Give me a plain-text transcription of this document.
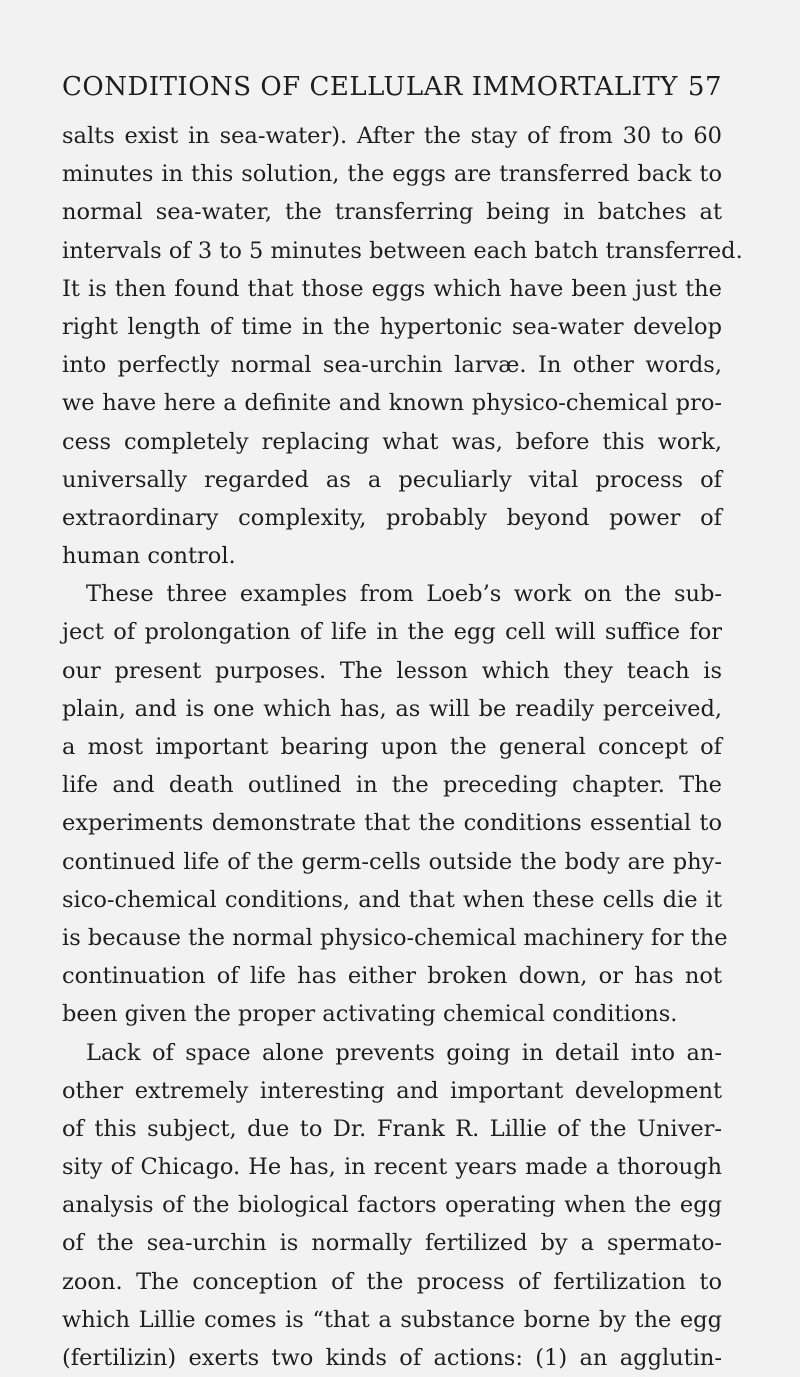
CONDITIONS OF CELLULAR IMMORTALITY 57
salts exist in sea-water). After the stay of from 30 to 60
minutes in this solution, the eggs are transferred back to
normal sea-water, the transferring being in batches at
intervals of 3 to 5 minutes between each batch transferred.
It is then found that those eggs which have been just the
right length of time in the hypertonic sea-water develop
into perfectly normal sea-urchin larvæ. In other words,
we have here a definite and known physico-chemical pro-
cess completely replacing what was, before this work,
universally regarded as a peculiarly vital process of
extraordinary complexity, probably beyond power of
human control.
These three examples from Loeb’s work on the sub-
ject of prolongation of life in the egg cell will suffice for
our present purposes. The lesson which they teach is
plain, and is one which has, as will be readily perceived,
a most important bearing upon the general concept of
life and death outlined in the preceding chapter. The
experiments demonstrate that the conditions essential to
continued life of the germ-cells outside the body are phy-
sico-chemical conditions, and that when these cells die it
is because the normal physico-chemical machinery for the
continuation of life has either broken down, or has not
been given the proper activating chemical conditions.
Lack of space alone prevents going in detail into an-
other extremely interesting and important development
of this subject, due to Dr. Frank R. Lillie of the Univer-
sity of Chicago. He has, in recent years made a thorough
analysis of the biological factors operating when the egg
of the sea-urchin is normally fertilized by a spermato-
zoon. The conception of the process of fertilization to
which Lillie comes is “that a substance borne by the egg
(fertilizin) exerts two kinds of actions: (1) an agglutin-
